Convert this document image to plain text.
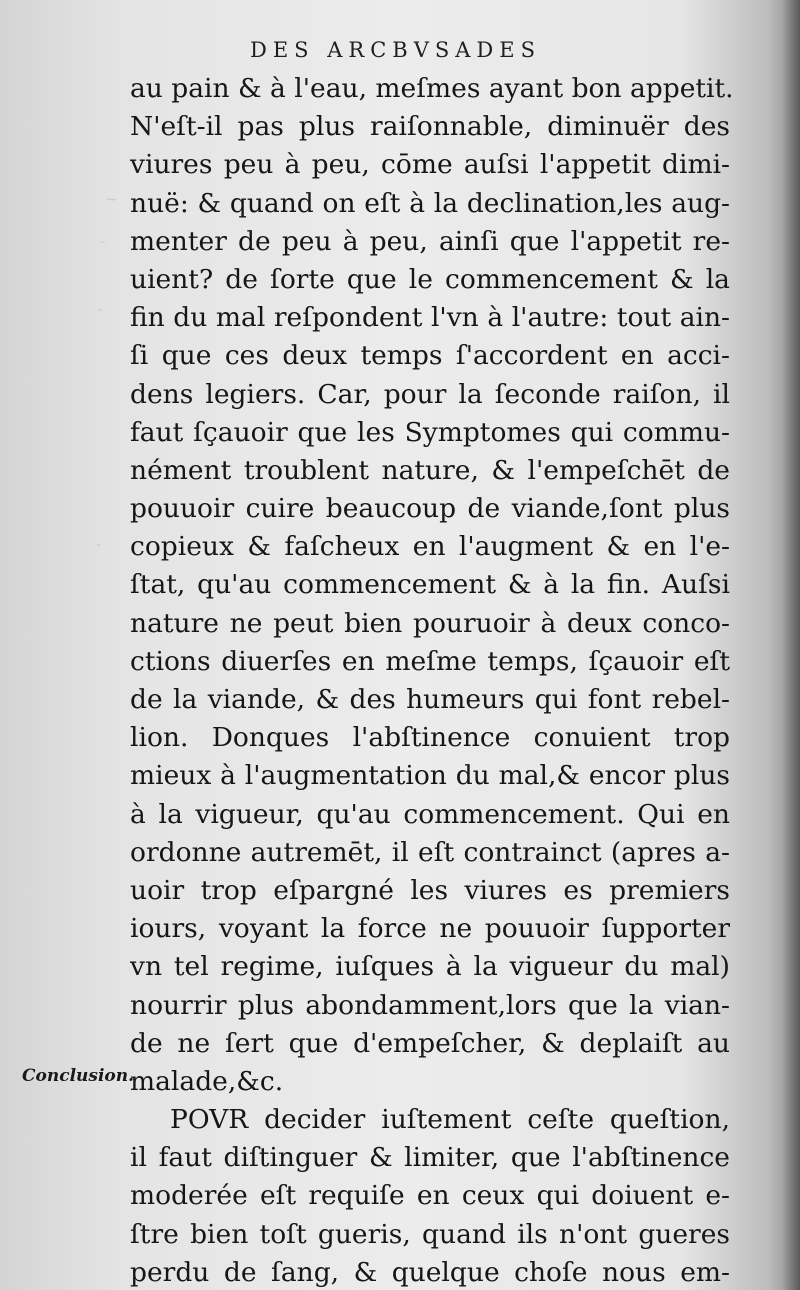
~
-
-
-
DES ARCBVSADES
Conclusion.
au pain & à l'eau, meſmes ayant bon appetit.
N'eſt-il pas plus raiſonnable, diminuër des
viures peu à peu, cōme auſsi l'appetit dimi-
nuë: & quand on eſt à la declination,les aug-
menter de peu à peu, ainſi que l'appetit re-
uient? de ſorte que le commencement & la
fin du mal reſpondent l'vn à l'autre: tout ain-
ſi que ces deux temps ſ'accordent en acci-
dens legiers. Car, pour la ſeconde raiſon, il
faut ſçauoir que les Symptomes qui commu-
nément troublent nature, & l'empeſchēt de
pouuoir cuire beaucoup de viande,ſont plus
copieux & faſcheux en l'augment & en l'e-
ſtat, qu'au commencement & à la fin. Auſsi
nature ne peut bien pouruoir à deux conco-
ctions diuerſes en meſme temps, ſçauoir eſt
de la viande, & des humeurs qui font rebel-
lion. Donques l'abſtinence conuient trop
mieux à l'augmentation du mal,& encor plus
à la vigueur, qu'au commencement. Qui en
ordonne autremēt, il eſt contrainct (apres a-
uoir trop eſpargné les viures es premiers
iours, voyant la force ne pouuoir ſupporter
vn tel regime, iuſques à la vigueur du mal)
nourrir plus abondamment,lors que la vian-
de ne ſert que d'empeſcher, & deplaiſt au
malade,&c.
POVR decider iuſtement ceſte queſtion,
il faut diſtinguer & limiter, que l'abſtinence
moderée eſt requiſe en ceux qui doiuent e-
ſtre bien toſt gueris, quand ils n'ont gueres
perdu de ſang, & quelque choſe nous em-
